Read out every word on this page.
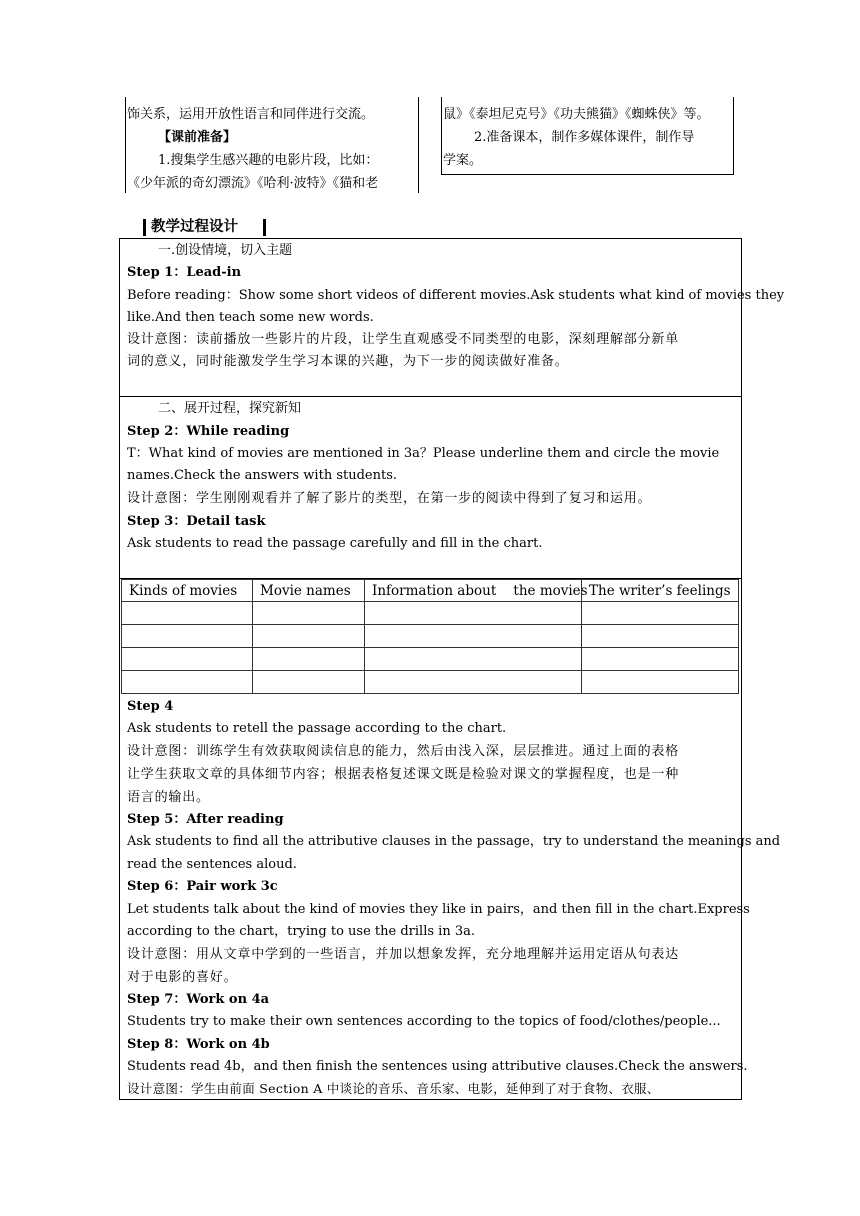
饰关系，运用开放性语言和同伴进行交流。
【课前准备】
1.搜集学生感兴趣的电影片段，比如：
《少年派的奇幻漂流》《哈利·波特》《猫和老
鼠》《泰坦尼克号》《功夫熊猫》《蜘蛛侠》等。
2.准备课本，制作多媒体课件，制作导
学案。
教学过程设计
一.创设情境，切入主题
Step 1：Lead-in
Before reading：Show some short videos of different movies.Ask students what kind of movies they
like.And then teach some new words.
设计意图：读前播放一些影片的片段，让学生直观感受不同类型的电影，深刻理解部分新单
词的意义，同时能激发学生学习本课的兴趣，为下一步的阅读做好准备。
二、展开过程，探究新知
Step 2：While reading
T：What kind of movies are mentioned in 3a？Please underline them and circle the movie
names.Check the answers with students.
设计意图：学生刚刚观看并了解了影片的类型，在第一步的阅读中得到了复习和运用。
Step 3：Detail task
Ask students to read the passage carefully and fill in the chart.
Kinds of movies Movie names Information about    the movies The writer’s feelings
Step 4
Ask students to retell the passage according to the chart.
设计意图：训练学生有效获取阅读信息的能力，然后由浅入深，层层推进。通过上面的表格
让学生获取文章的具体细节内容；根据表格复述课文既是检验对课文的掌握程度，也是一种
语言的输出。
Step 5：After reading
Ask students to find all the attributive clauses in the passage，try to understand the meanings and
read the sentences aloud.
Step 6：Pair work 3c
Let students talk about the kind of movies they like in pairs，and then fill in the chart.Express
according to the chart，trying to use the drills in 3a.
设计意图：用从文章中学到的一些语言，并加以想象发挥，充分地理解并运用定语从句表达
对于电影的喜好。
Step 7：Work on 4a
Students try to make their own sentences according to the topics of food/clothes/people...
Step 8：Work on 4b
Students read 4b，and then finish the sentences using attributive clauses.Check the answers.
设计意图：学生由前面 Section A 中谈论的音乐、音乐家、电影，延伸到了对于食物、衣服、
